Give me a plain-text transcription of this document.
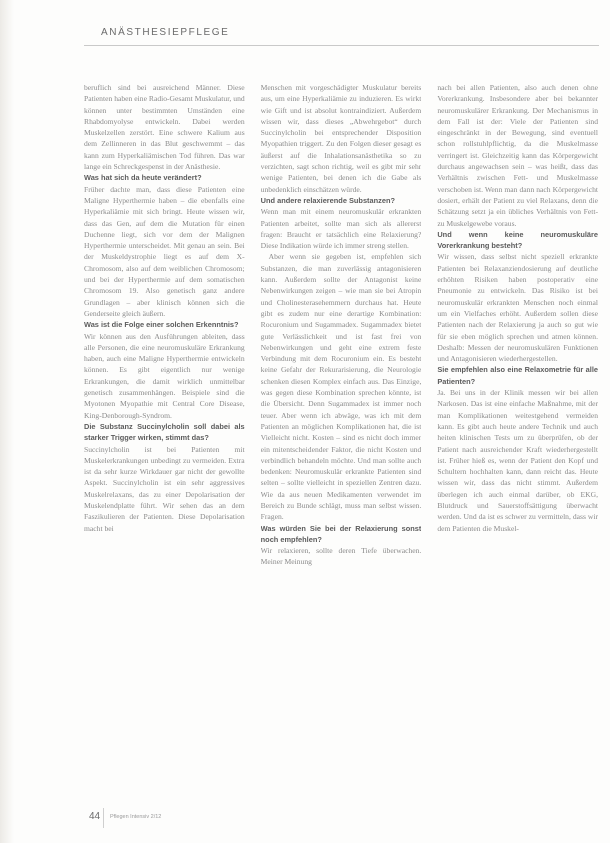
ANÄSTHESIEPFLEGE

beruflich sind bei ausreichend Männer. Diese Patienten haben eine Radio-Gesamt Muskulatur, und können unter bestimmten Umständen eine Rhabdomyolyse entwickeln. Dabei werden Muskelzellen zerstört. Eine schwere Kalium aus dem Zellinneren in das Blut geschwemmt – das kann zum Hyperkaliämischen Tod führen. Das war lange ein Schreckgespenst in der Anästhesie.

Was hat sich da heute verändert?

Früher dachte man, dass diese Patienten eine Maligne Hyperthermie haben – die ebenfalls eine Hyperkaliämie mit sich bringt. Heute wissen wir, dass das Gen, auf dem die Mutation für einen Duchenne liegt, sich vor dem der Malignen Hyperthermie unterscheidet. Mit genau an sein. Bei der Muskeldystrophie liegt es auf dem X-Chromosom, also auf dem weiblichen Chromosom; und bei der Hyperthermie auf dem somatischen Chromosom 19. Also genetisch ganz andere Grundlagen – aber klinisch können sich die Genderseite gleich äußern.

Was ist die Folge einer solchen Erkenntnis?

Wir können aus den Ausführungen ableiten, dass alle Personen, die eine neuromuskuläre Erkrankung haben, auch eine Maligne Hyperthermie entwickeln können. Es gibt eigentlich nur wenige Erkrankungen, die damit wirklich unmittelbar genetisch zusammenhängen. Beispiele sind die Myotonen Myopathie mit Central Core Disease, King-Denborough-Syndrom.

Die Substanz Succinylcholin soll dabei als starker Trigger wirken, stimmt das?

Succinylcholin ist bei Patienten mit Muskelerkrankungen unbedingt zu vermeiden. Extra ist da sehr kurze Wirkdauer gar nicht der gewollte Aspekt. Succinylcholin ist ein sehr aggressives Muskelrelaxans, das zu einer Depolarisation der Muskelendplatte führt. Wir sehen das an dem Faszikulieren der Patienten. Diese Depolarisation macht bei

Menschen mit vorgeschädigter Muskulatur bereits aus, um eine Hyperkaliämie zu induzieren. Es wirkt wie Gift und ist absolut kontraindiziert. Außerdem wissen wir, dass dieses „Abwehrgebot“ durch Succinylcholin bei entsprechender Disposition Myopathien triggert. Zu den Folgen dieser gesagt es äußerst auf die Inhalationsanästhetika so zu verzichten, sagt schon richtig, weil es gibt mir sehr wenige Patienten, bei denen ich die Gabe als unbedenklich einschätzen würde.

Und andere relaxierende Substanzen?

Wenn man mit einem neuromuskulär erkrankten Patienten arbeitet, sollte man sich als allererst fragen: Braucht er tatsächlich eine Relaxierung? Diese Indikation würde ich immer streng stellen.

Aber wenn sie gegeben ist, empfehlen sich Substanzen, die man zuverlässig antagonisieren kann. Außerdem sollte der Antagonist keine Nebenwirkungen zeigen – wie man sie bei Atropin und Cholinesterasehemmern durchaus hat. Heute gibt es zudem nur eine derartige Kombination: Rocuronium und Sugammadex. Sugammadex bietet gute Verlässlichkeit und ist fast frei von Nebenwirkungen und geht eine extrem feste Verbindung mit dem Rocuronium ein. Es besteht keine Gefahr der Rekurarisierung, die Neurologie schenken diesen Komplex einfach aus. Das Einzige, was gegen diese Kombination sprechen könnte, ist die Übersicht. Denn Sugammadex ist immer noch teuer. Aber wenn ich abwäge, was ich mit dem Patienten an möglichen Komplikationen hat, die ist Vielleicht nicht. Kosten – sind es nicht doch immer ein mitentscheidender Faktor, die nicht Kosten und verbindlich behandeln möchte. Und man sollte auch bedenken: Neuromuskulär erkrankte Patienten sind selten – sollte vielleicht in speziellen Zentren dazu. Wie da aus neuen Medikamenten verwendet im Bereich zu Bunde schlägt, muss man selbst wissen. Fragen.

Was würden Sie bei der Relaxierung sonst noch empfehlen?

Wir relaxieren, sollte deren Tiefe überwachen. Meiner Meinung

nach bei allen Patienten, also auch denen ohne Vorerkrankung. Insbesondere aber bei bekannter neuromuskulärer Erkrankung. Der Mechanismus in dem Fall ist der: Viele der Patienten sind eingeschränkt in der Bewegung, sind eventuell schon rollstuhlpflichtig, da die Muskelmasse verringert ist. Gleichzeitig kann das Körpergewicht durchaus angewachsen sein – was heißt, dass das Verhältnis zwischen Fett- und Muskelmasse verschoben ist. Wenn man dann nach Körpergewicht dosiert, erhält der Patient zu viel Relaxans, denn die Schätzung setzt ja ein übliches Verhältnis von Fett- zu Muskelgewebe voraus.

Und wenn keine neuromuskuläre Vorerkrankung besteht?

Wir wissen, dass selbst nicht speziell erkrankte Patienten bei Relaxanziendosierung auf deutliche erhöhten Risiken haben postoperativ eine Pneumonie zu entwickeln. Das Risiko ist bei neuromuskulär erkrankten Menschen noch einmal um ein Vielfaches erhöht. Außerdem sollen diese Patienten nach der Relaxierung ja auch so gut wie für sie eben möglich sprechen und atmen können. Deshalb: Messen der neuromuskulären Funktionen und Antagonisieren wiederhergestellen.

Sie empfehlen also eine Relaxometrie für alle Patienten?

Ja. Bei uns in der Klinik messen wir bei allen Narkosen. Das ist eine einfache Maßnahme, mit der man Komplikationen weitestgehend vermeiden kann. Es gibt auch heute andere Technik und auch heiten klinischen Tests um zu überprüfen, ob der Patient nach ausreichender Kraft wiederhergestellt ist. Früher hieß es, wenn der Patient den Kopf und Schultern hochhalten kann, dann reicht das. Heute wissen wir, dass das nicht stimmt. Außerdem überlegen ich auch einmal darüber, ob EKG, Blutdruck und Sauerstoffsättigung überwacht werden. Und da ist es schwer zu vermitteln, dass wir dem Patienten die Muskel-

44 Pflegen Intensiv 2/12
